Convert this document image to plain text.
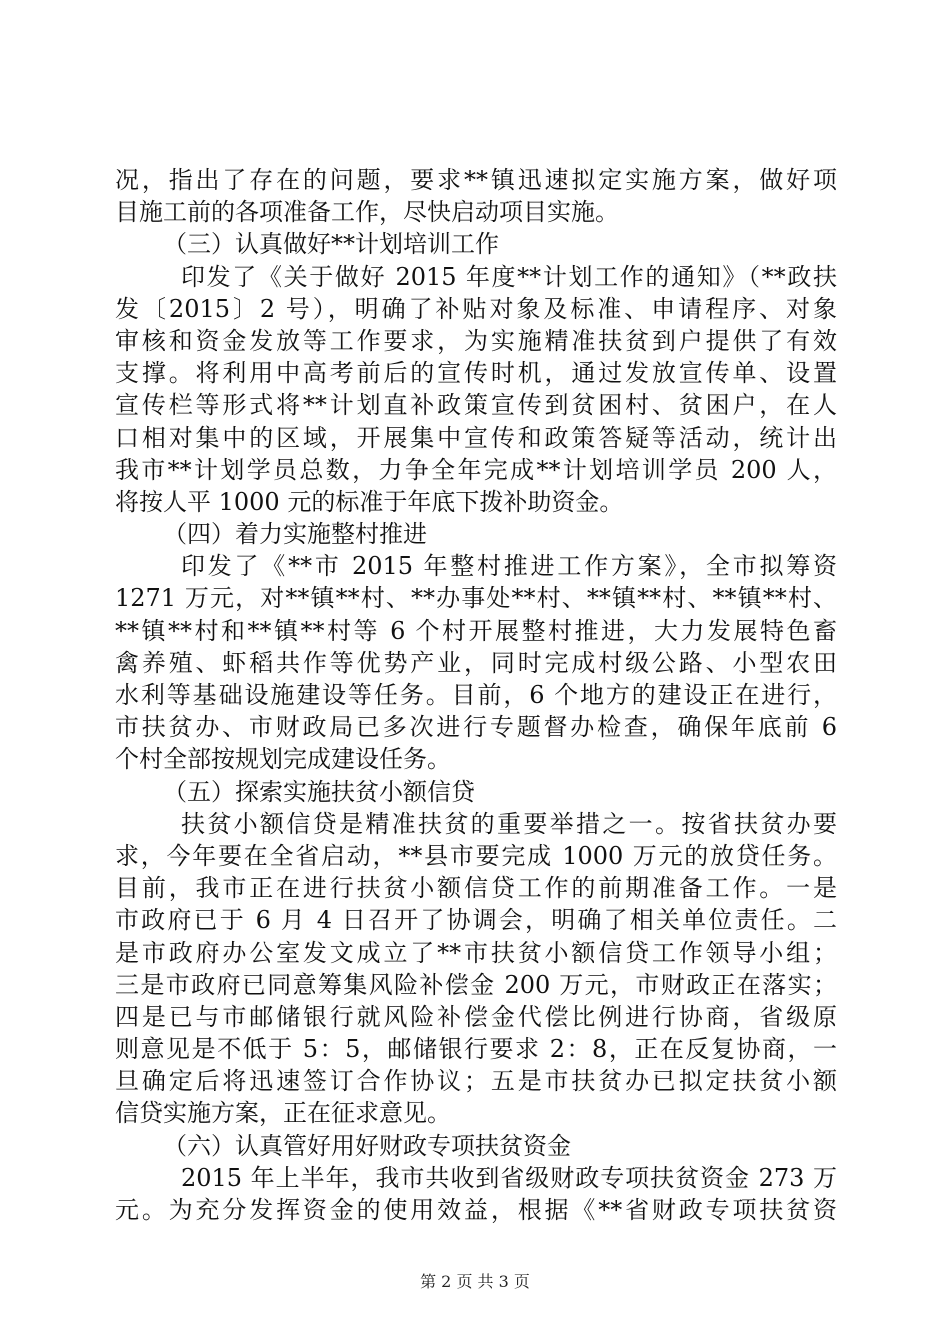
况，指出了存在的问题，要求**镇迅速拟定实施方案，做好项
目施工前的各项准备工作，尽快启动项目实施。
（三）认真做好**计划培训工作
印发了《关于做好 2015 年度**计划工作的通知》（**政扶
发〔2015〕2 号），明确了补贴对象及标准、申请程序、对象
审核和资金发放等工作要求，为实施精准扶贫到户提供了有效
支撑。将利用中高考前后的宣传时机，通过发放宣传单、设置
宣传栏等形式将**计划直补政策宣传到贫困村、贫困户，在人
口相对集中的区域，开展集中宣传和政策答疑等活动，统计出
我市**计划学员总数，力争全年完成**计划培训学员 200 人，
将按人平 1000 元的标准于年底下拨补助资金。
（四）着力实施整村推进
印发了《**市 2015 年整村推进工作方案》，全市拟筹资
1271 万元，对**镇**村、**办事处**村、**镇**村、**镇**村、
**镇**村和**镇**村等 6 个村开展整村推进，大力发展特色畜
禽养殖、虾稻共作等优势产业，同时完成村级公路、小型农田
水利等基础设施建设等任务。目前，6 个地方的建设正在进行，
市扶贫办、市财政局已多次进行专题督办检查，确保年底前 6
个村全部按规划完成建设任务。
（五）探索实施扶贫小额信贷
扶贫小额信贷是精准扶贫的重要举措之一。按省扶贫办要
求，今年要在全省启动，**县市要完成 1000 万元的放贷任务。
目前，我市正在进行扶贫小额信贷工作的前期准备工作。一是
市政府已于 6 月 4 日召开了协调会，明确了相关单位责任。二
是市政府办公室发文成立了**市扶贫小额信贷工作领导小组；
三是市政府已同意筹集风险补偿金 200 万元，市财政正在落实；
四是已与市邮储银行就风险补偿金代偿比例进行协商，省级原
则意见是不低于 5：5，邮储银行要求 2：8，正在反复协商，一
旦确定后将迅速签订合作协议；五是市扶贫办已拟定扶贫小额
信贷实施方案，正在征求意见。
（六）认真管好用好财政专项扶贫资金
2015 年上半年，我市共收到省级财政专项扶贫资金 273 万
元。为充分发挥资金的使用效益，根据《**省财政专项扶贫资
第 2 页 共 3 页
